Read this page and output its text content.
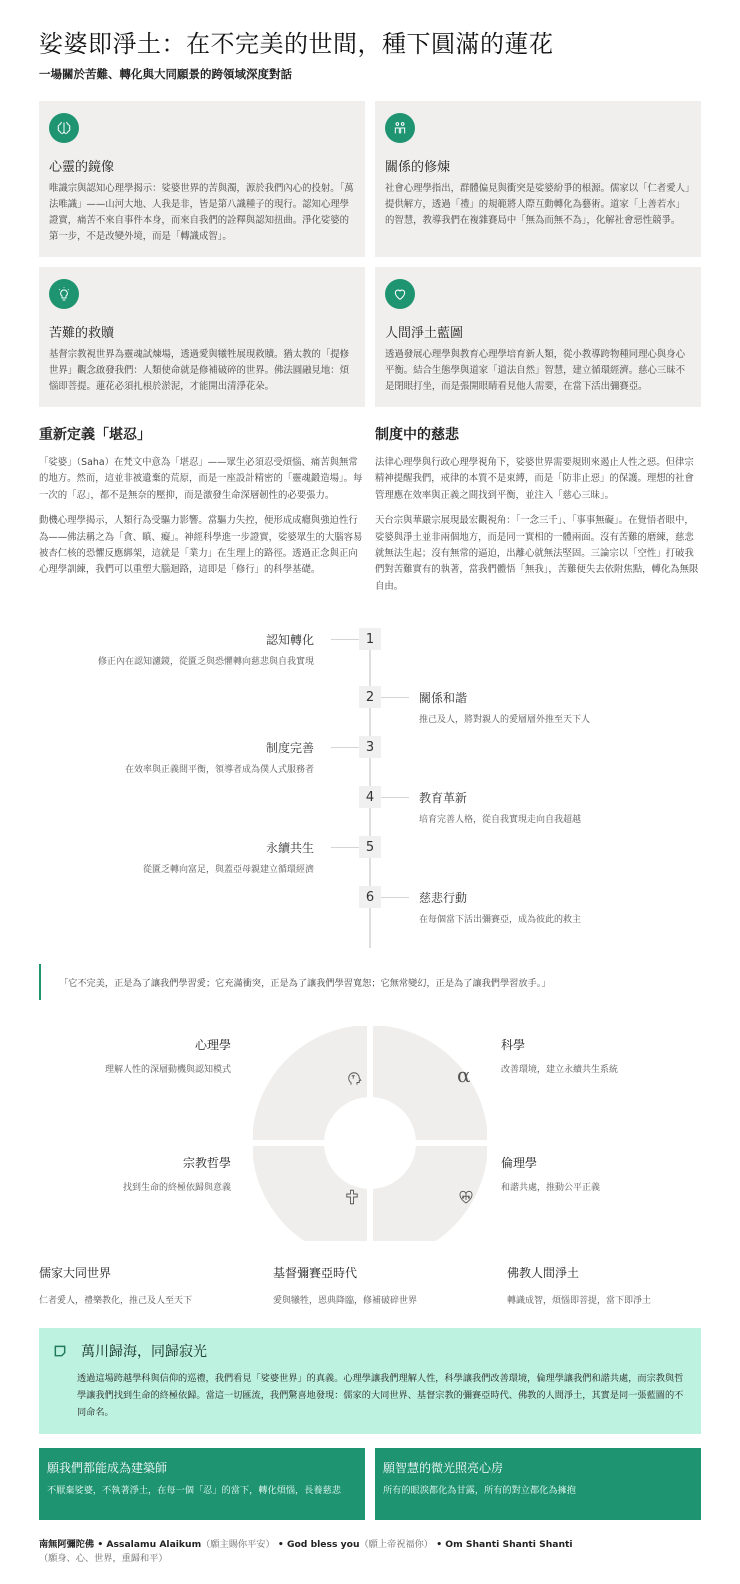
娑婆即淨土：在不完美的世間，種下圓滿的蓮花
一場關於苦難、轉化與大同願景的跨領域深度對話
心靈的鏡像

唯識宗與認知心理學揭示：娑婆世界的苦與濁，源於我們內心的投射。「萬法唯識」——山河大地、人我是非，皆是第八識種子的現行。認知心理學證實，痛苦不來自事件本身，而來自我們的詮釋與認知扭曲。淨化娑婆的第一步，不是改變外境，而是「轉識成智」。

關係的修煉

社會心理學指出，群體偏見與衝突是娑婆紛爭的根源。儒家以「仁者愛人」提供解方，透過「禮」的規範將人際互動轉化為藝術。道家「上善若水」的智慧，教導我們在複雜賽局中「無為而無不為」，化解社會惡性競爭。

苦難的救贖

基督宗教視世界為靈魂試煉場，透過愛與犧牲展現救贖。猶太教的「提修世界」觀念啟發我們：人類使命就是修補破碎的世界。佛法圓融見地：煩惱即菩提。蓮花必須扎根於淤泥，才能開出清淨花朵。

人間淨土藍圖

透過發展心理學與教育心理學培育新人類，從小教導跨物種同理心與身心平衡。結合生態學與道家「道法自然」智慧，建立循環經濟。慈心三昧不是閉眼打坐，而是張開眼睛看見他人需要，在當下活出彌賽亞。

重新定義「堪忍」

「娑婆」（Saha）在梵文中意為「堪忍」——眾生必須忍受煩惱、痛苦與無常的地方。然而，這並非被遺棄的荒原，而是一座設計精密的「靈魂鍛造場」。每一次的「忍」，都不是無奈的壓抑，而是激發生命深層韌性的必要張力。

動機心理學揭示，人類行為受驅力影響。當驅力失控，便形成成癮與強迫性行為——佛法稱之為「貪、瞋、癡」。神經科學進一步證實，娑婆眾生的大腦容易被杏仁核的恐懼反應綁架，這就是「業力」在生理上的路徑。透過正念與正向心理學訓練，我們可以重塑大腦迴路，這即是「修行」的科學基礎。

制度中的慈悲

法律心理學與行政心理學視角下，娑婆世界需要規則來遏止人性之惡。但律宗精神提醒我們，戒律的本質不是束縛，而是「防非止惡」的保護。理想的社會管理應在效率與正義之間找到平衡，並注入「慈心三昧」。

天台宗與華嚴宗展現最宏觀視角：「一念三千」、「事事無礙」。在覺悟者眼中，娑婆與淨土並非兩個地方，而是同一實相的一體兩面。沒有苦難的磨練，慈悲就無法生起；沒有無常的逼迫，出離心就無法堅固。三論宗以「空性」打破我們對苦難實有的執著，當我們體悟「無我」，苦難便失去依附焦點，轉化為無限自由。

1
認知轉化
修正內在認知濾鏡，從匱乏與恐懼轉向慈悲與自我實現
2	關係和諧
推己及人，將對親人的愛層層外推至天下人
3
制度完善
在效率與正義間平衡，領導者成為僕人式服務者
4	教育革新
培育完善人格，從自我實現走向自我超越
5
永續共生
從匱乏轉向富足，與蓋亞母親建立循環經濟
6	慈悲行動
在每個當下活出彌賽亞，成為彼此的救主
「它不完美，正是為了讓我們學習愛；它充滿衝突，正是為了讓我們學習寬恕；它無常變幻，正是為了讓我們學習放手。」
α
心理學
理解人性的深層動機與認知模式
科學
改善環境，建立永續共生系統
宗教哲學
找到生命的終極依歸與意義
倫理學
和諧共處，推動公平正義
儒家大同世界

仁者愛人，禮樂教化，推己及人至天下

基督彌賽亞時代

愛與犧牲，恩典降臨，修補破碎世界

佛教人間淨土

轉識成智，煩惱即菩提，當下即淨土

萬川歸海，同歸寂光

透過這場跨越學科與信仰的巡禮，我們看見「娑婆世界」的真義。心理學讓我們理解人性，科學讓我們改善環境，倫理學讓我們和諧共處，而宗教與哲學讓我們找到生命的終極依歸。當這一切匯流，我們驚喜地發現：儒家的大同世界、基督宗教的彌賽亞時代、佛教的人間淨土，其實是同一張藍圖的不同命名。

願我們都能成為建築師

不厭棄娑婆，不執著淨土，在每一個「忍」的當下，轉化煩惱，長養慈悲

願智慧的微光照亮心房

所有的眼淚都化為甘露，所有的對立都化為擁抱

南無阿彌陀佛 • Assalamu Alaikum（願主賜你平安） • God bless you（願上帝祝福你） • Om Shanti Shanti Shanti（願身、心、世界，重歸和平）
